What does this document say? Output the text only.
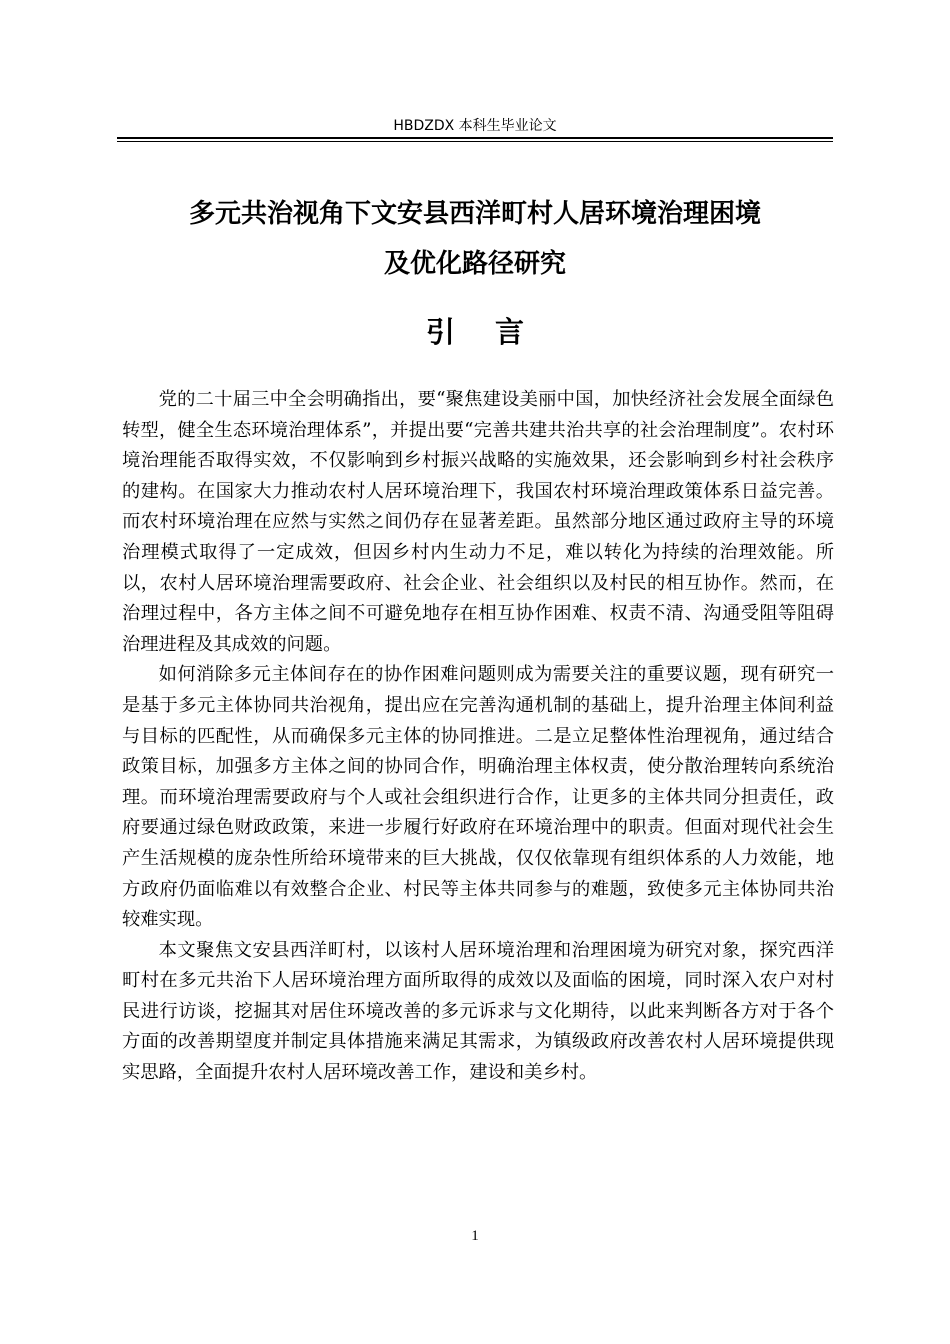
HBDZDX 本科生毕业论文
多元共治视角下文安县西洋町村人居环境治理困境
及优化路径研究
引言

党的二十届三中全会明确指出，要“聚焦建设美丽中国，加快经济社会发展全面绿色转型，健全生态环境治理体系”，并提出要“完善共建共治共享的社会治理制度”。农村环境治理能否取得实效，不仅影响到乡村振兴战略的实施效果，还会影响到乡村社会秩序的建构。在国家大力推动农村人居环境治理下，我国农村环境治理政策体系日益完善。而农村环境治理在应然与实然之间仍存在显著差距。虽然部分地区通过政府主导的环境治理模式取得了一定成效，但因乡村内生动力不足，难以转化为持续的治理效能。所以，农村人居环境治理需要政府、社会企业、社会组织以及村民的相互协作。然而，在治理过程中，各方主体之间不可避免地存在相互协作困难、权责不清、沟通受阻等阻碍治理进程及其成效的问题。

如何消除多元主体间存在的协作困难问题则成为需要关注的重要议题，现有研究一是基于多元主体协同共治视角，提出应在完善沟通机制的基础上，提升治理主体间利益与目标的匹配性，从而确保多元主体的协同推进。二是立足整体性治理视角，通过结合政策目标，加强多方主体之间的协同合作，明确治理主体权责，使分散治理转向系统治理。而环境治理需要政府与个人或社会组织进行合作，让更多的主体共同分担责任，政府要通过绿色财政政策，来进一步履行好政府在环境治理中的职责。但面对现代社会生产生活规模的庞杂性所给环境带来的巨大挑战，仅仅依靠现有组织体系的人力效能，地方政府仍面临难以有效整合企业、村民等主体共同参与的难题，致使多元主体协同共治较难实现。

本文聚焦文安县西洋町村，以该村人居环境治理和治理困境为研究对象，探究西洋町村在多元共治下人居环境治理方面所取得的成效以及面临的困境，同时深入农户对村民进行访谈，挖掘其对居住环境改善的多元诉求与文化期待，以此来判断各方对于各个方面的改善期望度并制定具体措施来满足其需求，为镇级政府改善农村人居环境提供现实思路，全面提升农村人居环境改善工作，建设和美乡村。

1
